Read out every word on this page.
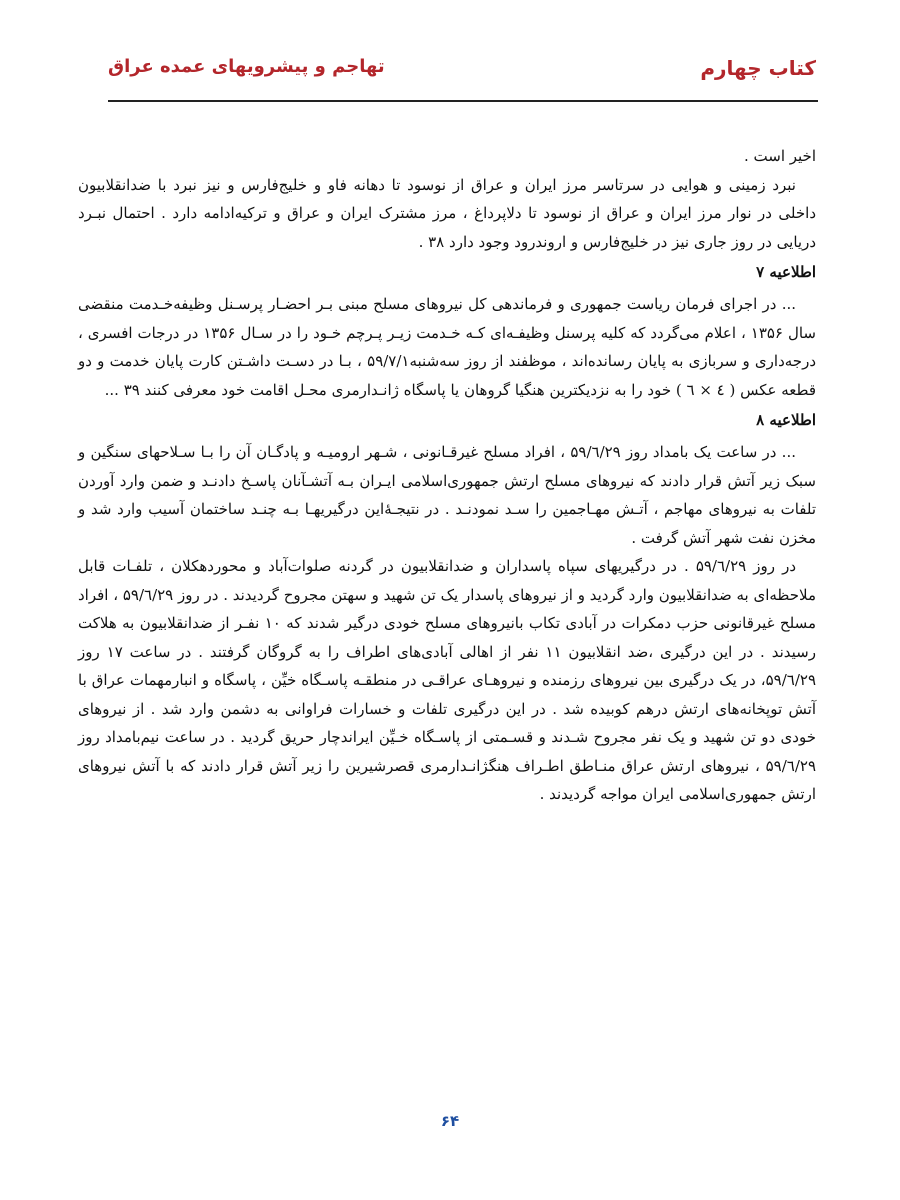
کتاب چهارم
تهاجم و پیشرویهای عمده عراق

اخیر است .

نبرد زمینی و هوایی در سرتاسر مرز ایران و عراق از نوسود تا دهانه فاو و خلیج‌فارس و نیز نبرد با ضدانقلابیون داخلی در نوار مرز ایران و عراق از نوسود تا دلاپرداغ ، مرز مشترک ایران و عراق و ترکیه‌ادامه دارد . احتمال نبـرد دریایی در روز جاری نیز در خلیج‌فارس و اروندرود وجود دارد ۳۸ .

اطلاعیه ۷

... در اجرای فرمان ریاست جمهوری و فرماندهی کل نیروهای مسلح مبنی بـر احضـار پرسـنل وظیفه‌خـدمت منقضی سال ۱۳۵۶ ، اعلام می‌گردد که کلیه پرسنل وظیفـه‌ای کـه خـدمت زیـر پـرچم خـود را در سـال ۱۳۵۶ در درجات افسری ، درجه‌داری و سربازی به پایان رسانده‌اند ، موظفند از روز سه‌شنبه۵۹/۷/۱ ، بـا در دسـت داشـتن کارت پایان خدمت و دو قطعه عکس ( ٤ × ٦ ) خود را به نزدیکترین هنگیا گروهان یا پاسگاه ژانـدارمری محـل اقامت خود معرفی کنند ۳۹ ...

اطلاعیه ۸

... در ساعت یک بامداد روز ۵۹/٦/۲۹ ، افراد مسلح غیرقـانونی ، شـهر ارومیـه و پادگـان آن را بـا سـلاحهای سنگین و سبک زیر آتش قرار دادند که نیروهای مسلح ارتش جمهوری‌اسلامی ایـران بـه آتشـآنان پاسـخ دادنـد و ضمن وارد آوردن تلفات به نیروهای مهاجم ، آتـش مهـاجمین را سـد نمودنـد . در نتیجـۀاین درگیریهـا بـه چنـد ساختمان آسیب وارد شد و مخزن نفت شهر آتش گرفت .

در روز ۵۹/٦/۲۹ . در درگیریهای سپاه پاسداران و ضدانقلابیون در گردنه صلوات‌آباد و محوردهکلان ، تلفـات قابل ملاحظه‌ای به ضدانقلابیون وارد گردید و از نیروهای پاسدار یک تن شهید و سهتن مجروح گردیدند . در روز ۵۹/٦/۲۹ ، افراد مسلح غیرقانونی حزب دمکرات در آبادی تکاب بانیروهای مسلح خودی درگیر شدند که ۱۰ نفـر از ضدانقلابیون به هلاکت رسیدند . در این درگیری ،ضد انقلابیون ۱۱ نفر از اهالی آبادی‌های اطراف را به گروگان گرفتند . در ساعت ۱۷ روز ۵۹/٦/۲۹، در یک درگیری بین نیروهای رزمنده و نیروهـای عراقـی در منطقـه پاسـگاه خیِّن ، پاسگاه و انبارمهمات عراق با آتش توپخانه‌های ارتش درهم کوبیده شد . در این درگیری تلفات و خسارات فراوانی به دشمن وارد شد . از نیروهای خودی دو تن شهید و یک نفر مجروح شـدند و قسـمتی از پاسـگاه خـیِّن ایراندچار حریق گردید . در ساعت نیم‌بامداد روز ۵۹/٦/۲۹ ، نیروهای ارتش عراق منـاطق اطـراف هنگژانـدارمری قصرشیرین را زیر آتش قرار دادند که با آتش نیروهای ارتش جمهوری‌اسلامی ایران مواجه گردیدند .

۶۴
